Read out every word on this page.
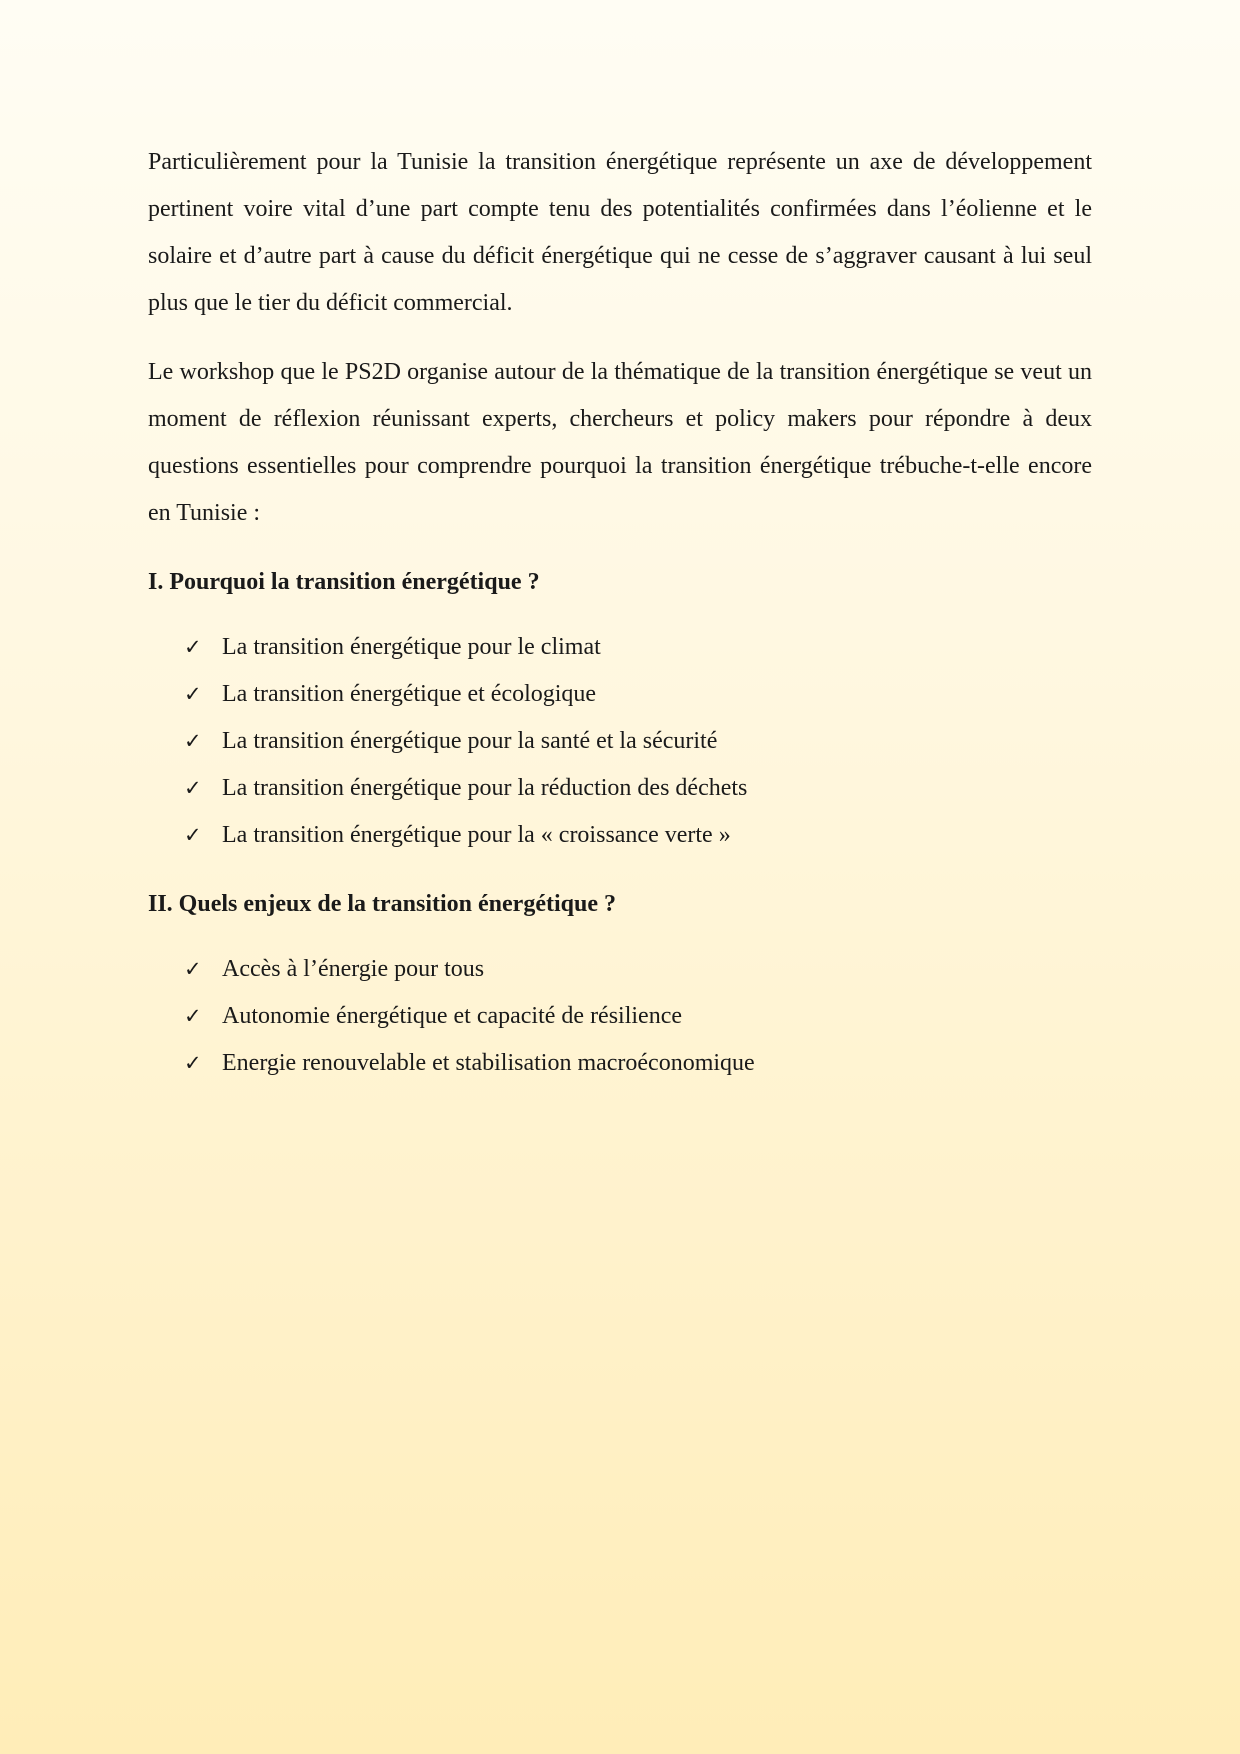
Particulièrement pour la Tunisie la transition énergétique représente un axe de développement pertinent voire vital d’une part compte tenu des potentialités confirmées dans l’éolienne et le solaire et d’autre part à cause du déficit énergétique qui ne cesse de s’aggraver causant à lui seul plus que le tier du déficit commercial.

Le workshop que le PS2D organise autour de la thématique de la transition énergétique se veut un moment de réflexion réunissant experts, chercheurs et policy makers pour répondre à deux questions essentielles pour comprendre pourquoi la transition énergétique trébuche-t-elle encore en Tunisie :

I. Pourquoi la transition énergétique ?
✓ La transition énergétique pour le climat
✓ La transition énergétique et écologique
✓ La transition énergétique pour la santé et la sécurité
✓ La transition énergétique pour la réduction des déchets
✓ La transition énergétique pour la « croissance verte »
II. Quels enjeux de la transition énergétique ?
✓ Accès à l’énergie pour tous
✓ Autonomie énergétique et capacité de résilience
✓ Energie renouvelable et stabilisation macroéconomique
